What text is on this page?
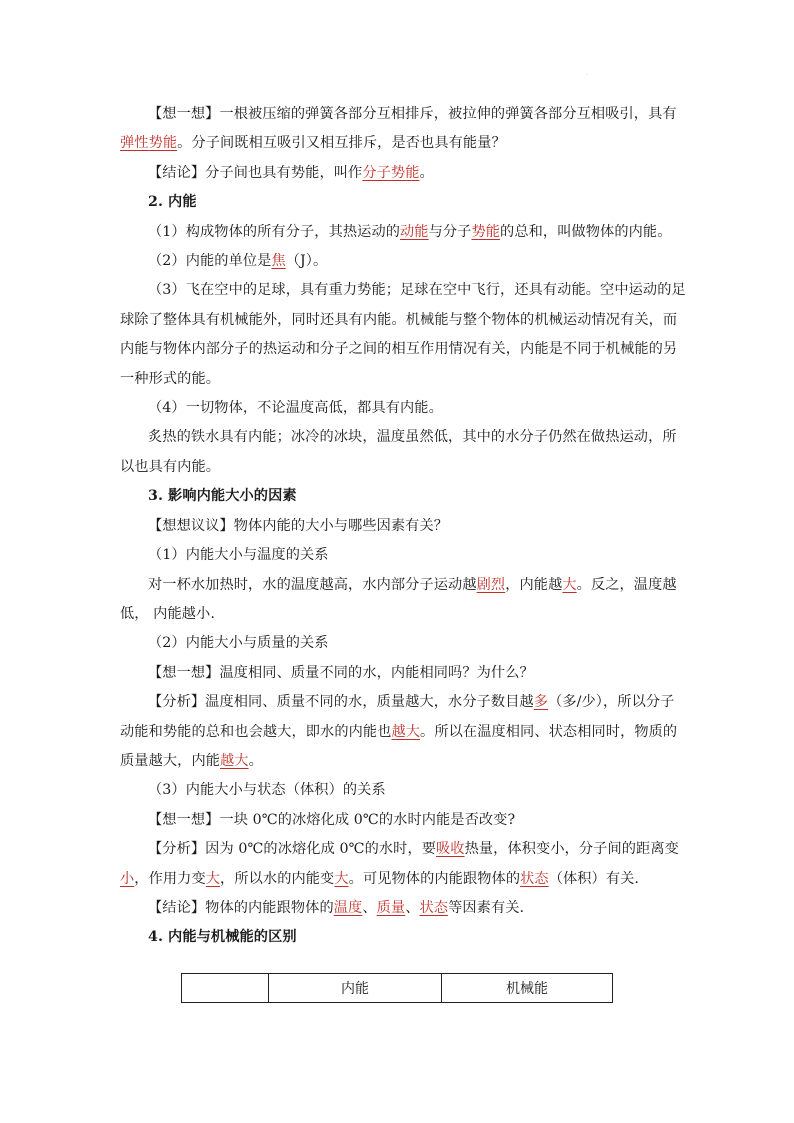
·
【想一想】一根被压缩的弹簧各部分互相排斥，被拉伸的弹簧各部分互相吸引，具有
弹性势能。分子间既相互吸引又相互排斥，是否也具有能量？
【结论】分子间也具有势能，叫作分子势能。
2. 内能
（1）构成物体的所有分子，其热运动的动能与分子势能的总和，叫做物体的内能。
（2）内能的单位是焦（J）。
（3）飞在空中的足球，具有重力势能；足球在空中飞行，还具有动能。空中运动的足
球除了整体具有机械能外，同时还具有内能。机械能与整个物体的机械运动情况有关，而
内能与物体内部分子的热运动和分子之间的相互作用情况有关，内能是不同于机械能的另
一种形式的能。
（4）一切物体，不论温度高低，都具有内能。
炙热的铁水具有内能；冰冷的冰块，温度虽然低，其中的水分子仍然在做热运动，所
以也具有内能。
3. 影响内能大小的因素
【想想议议】物体内能的大小与哪些因素有关？
（1）内能大小与温度的关系
对一杯水加热时，水的温度越高，水内部分子运动越剧烈，内能越大。反之，温度越
低， 内能越小.
（2）内能大小与质量的关系
【想一想】温度相同、质量不同的水，内能相同吗？为什么？
【分析】温度相同、质量不同的水，质量越大，水分子数目越多（多/少），所以分子
动能和势能的总和也会越大，即水的内能也越大。所以在温度相同、状态相同时，物质的
质量越大，内能越大。
（3）内能大小与状态（体积）的关系
【想一想】一块 0℃的冰熔化成 0℃的水时内能是否改变?
【分析】因为 0℃的冰熔化成 0℃的水时，要吸收热量，体积变小，分子间的距离变
小，作用力变大，所以水的内能变大。可见物体的内能跟物体的状态（体积）有关.
【结论】物体的内能跟物体的温度、质量、状态等因素有关.
4. 内能与机械能的区别
	内能	机械能
